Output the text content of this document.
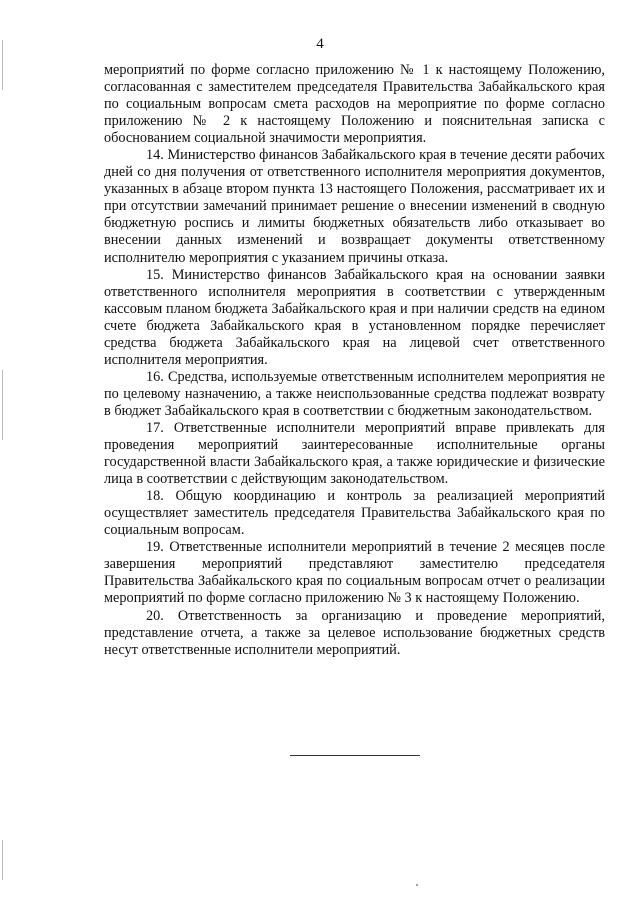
4

мероприятий по форме согласно приложению № 1 к настоящему Положению, согласованная с заместителем председателя Правительства Забайкальского края по социальным вопросам смета расходов на мероприятие по форме согласно приложению № 2 к настоящему Положению и пояснительная записка с обоснованием социальной значимости мероприятия.

14. Министерство финансов Забайкальского края в течение десяти рабочих дней со дня получения от ответственного исполнителя мероприятия документов, указанных в абзаце втором пункта 13 настоящего Положения, рассматривает их и при отсутствии замечаний принимает решение о внесении изменений в сводную бюджетную роспись и лимиты бюджетных обязательств либо отказывает во внесении данных изменений и возвращает документы ответственному исполнителю мероприятия с указанием причины отказа.

15. Министерство финансов Забайкальского края на основании заявки ответственного исполнителя мероприятия в соответствии с утвержденным кассовым планом бюджета Забайкальского края и при наличии средств на едином счете бюджета Забайкальского края в установленном порядке перечисляет средства бюджета Забайкальского края на лицевой счет ответственного исполнителя мероприятия.

16. Средства, используемые ответственным исполнителем мероприятия не по целевому назначению, а также неиспользованные средства подлежат возврату в бюджет Забайкальского края в соответствии с бюджетным законодательством.

17. Ответственные исполнители мероприятий вправе привлекать для проведения мероприятий заинтересованные исполнительные органы государственной власти Забайкальского края, а также юридические и физические лица в соответствии с действующим законодательством.

18. Общую координацию и контроль за реализацией мероприятий осуществляет заместитель председателя Правительства Забайкальского края по социальным вопросам.

19. Ответственные исполнители мероприятий в течение 2 месяцев после завершения мероприятий представляют заместителю председателя Правительства Забайкальского края по социальным вопросам отчет о реализации мероприятий по форме согласно приложению № 3 к настоящему Положению.

20. Ответственность за организацию и проведение мероприятий, представление отчета, а также за целевое использование бюджетных средств несут ответственные исполнители мероприятий.
